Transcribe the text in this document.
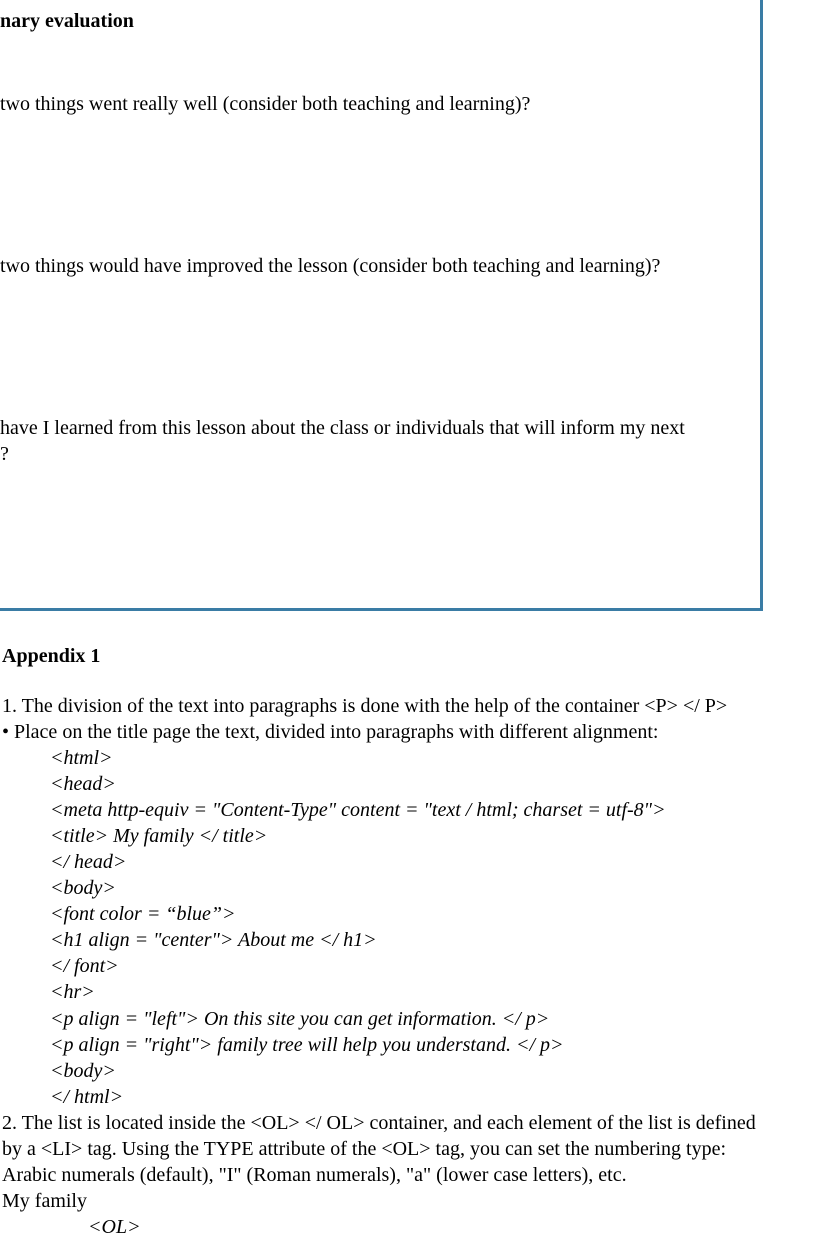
nary evaluation

two things went really well (consider both teaching and learning)?

two things would have improved the lesson (consider both teaching and learning)?

have I learned from this lesson about the class or individuals that will inform my next

?

Appendix 1

1. The division of the text into paragraphs is done with the help of the container <P> </ P>

• Place on the title page the text, divided into paragraphs with different alignment:

<html>

<head>

<meta http-equiv = "Content-Type" content = "text / html; charset = utf-8">

<title> My family </ title>

</ head>

<body>

<font color = “blue”>

<h1 align = "center"> About me </ h1>

</ font>

<hr>

<p align = "left"> On this site you can get information. </ p>

<p align = "right"> family tree will help you understand. </ p>

<body>

</ html>

2. The list is located inside the <OL> </ OL> container, and each element of the list is defined

by a <LI> tag. Using the TYPE attribute of the <OL> tag, you can set the numbering type:

Arabic numerals (default), "I" (Roman numerals), "a" (lower case letters), etc.

My family

<OL>
